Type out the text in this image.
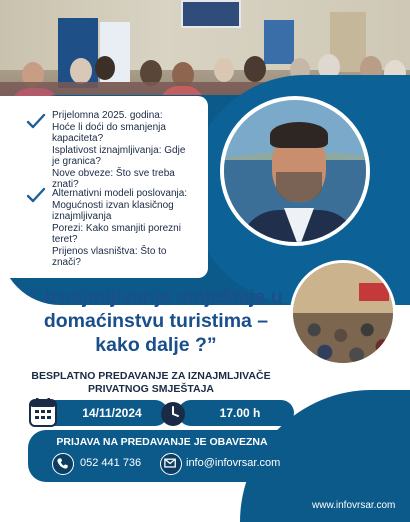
Prijelomna 2025. godina:
Hoće li doći do smanjenja
kapaciteta?
Isplativost iznajmljivanja: Gdje
je granica?
Nove obveze: Što sve treba
znati?
Alternativni modeli poslovanja:
Mogućnosti izvan klasičnog
iznajmljivanja
Porezi: Kako smanjiti porezni
teret?
Prijenos vlasništva: Što to
znači?
“ Iznajmljivanje smještaja u
domaćinstvu turistima –
kako dalje ?”
BESPLATNO PREDAVANJE ZA IZNAJMLJIVAČE
PRIVATNOG SMJEŠTAJA
14/11/2024	17.00 h
PRIJAVA NA PREDAVANJE JE OBAVEZNA
052 441 736	info@infovrsar.com
www.infovrsar.com
